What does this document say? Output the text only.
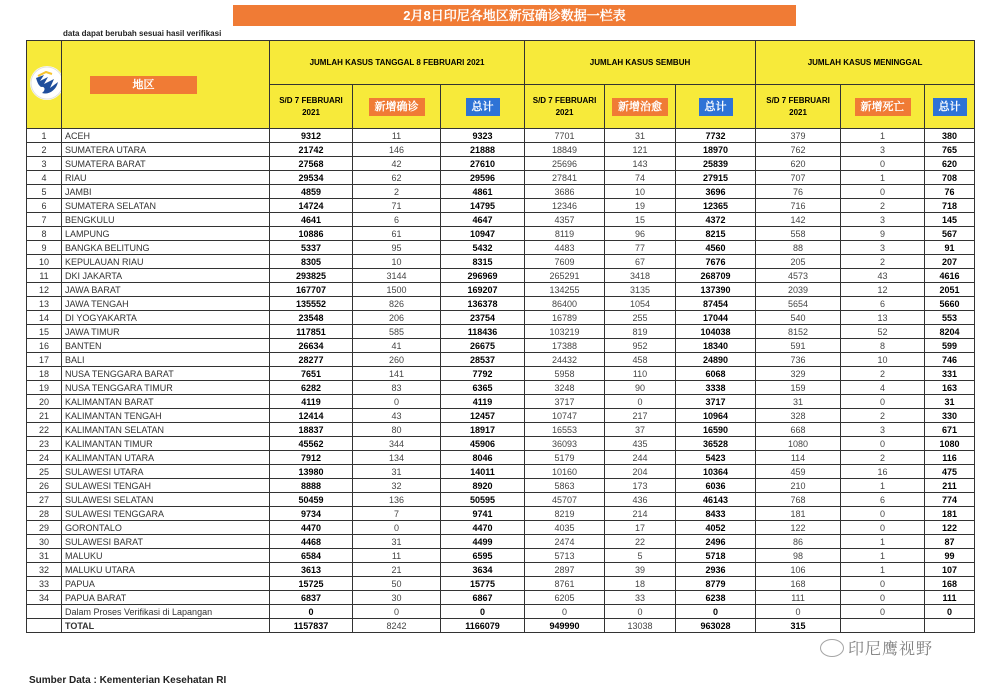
2月8日印尼各地区新冠确诊数据一栏表
data dapat berubah sesuai hasil verifikasi
	地区	JUMLAH KASUS TANGGAL 8 FEBRUARI 2021			JUMLAH KASUS SEMBUH			JUMLAH KASUS MENINGGAL		
		S/D 7 FEBRUARI 2021	新增确诊	总计	S/D 7 FEBRUARI 2021	新增治愈	总计	S/D 7 FEBRUARI 2021	新增死亡	总计
1	ACEH	9312	11	9323	7701	31	7732	379	1	380
2	SUMATERA UTARA	21742	146	21888	18849	121	18970	762	3	765
3	SUMATERA BARAT	27568	42	27610	25696	143	25839	620	0	620
4	RIAU	29534	62	29596	27841	74	27915	707	1	708
5	JAMBI	4859	2	4861	3686	10	3696	76	0	76
6	SUMATERA SELATAN	14724	71	14795	12346	19	12365	716	2	718
7	BENGKULU	4641	6	4647	4357	15	4372	142	3	145
8	LAMPUNG	10886	61	10947	8119	96	8215	558	9	567
9	BANGKA BELITUNG	5337	95	5432	4483	77	4560	88	3	91
10	KEPULAUAN RIAU	8305	10	8315	7609	67	7676	205	2	207
11	DKI JAKARTA	293825	3144	296969	265291	3418	268709	4573	43	4616
12	JAWA BARAT	167707	1500	169207	134255	3135	137390	2039	12	2051
13	JAWA TENGAH	135552	826	136378	86400	1054	87454	5654	6	5660
14	DI YOGYAKARTA	23548	206	23754	16789	255	17044	540	13	553
15	JAWA TIMUR	117851	585	118436	103219	819	104038	8152	52	8204
16	BANTEN	26634	41	26675	17388	952	18340	591	8	599
17	BALI	28277	260	28537	24432	458	24890	736	10	746
18	NUSA TENGGARA BARAT	7651	141	7792	5958	110	6068	329	2	331
19	NUSA TENGGARA TIMUR	6282	83	6365	3248	90	3338	159	4	163
20	KALIMANTAN BARAT	4119	0	4119	3717	0	3717	31	0	31
21	KALIMANTAN TENGAH	12414	43	12457	10747	217	10964	328	2	330
22	KALIMANTAN SELATAN	18837	80	18917	16553	37	16590	668	3	671
23	KALIMANTAN TIMUR	45562	344	45906	36093	435	36528	1080	0	1080
24	KALIMANTAN UTARA	7912	134	8046	5179	244	5423	114	2	116
25	SULAWESI UTARA	13980	31	14011	10160	204	10364	459	16	475
26	SULAWESI TENGAH	8888	32	8920	5863	173	6036	210	1	211
27	SULAWESI SELATAN	50459	136	50595	45707	436	46143	768	6	774
28	SULAWESI TENGGARA	9734	7	9741	8219	214	8433	181	0	181
29	GORONTALO	4470	0	4470	4035	17	4052	122	0	122
30	SULAWESI BARAT	4468	31	4499	2474	22	2496	86	1	87
31	MALUKU	6584	11	6595	5713	5	5718	98	1	99
32	MALUKU UTARA	3613	21	3634	2897	39	2936	106	1	107
33	PAPUA	15725	50	15775	8761	18	8779	168	0	168
34	PAPUA BARAT	6837	30	6867	6205	33	6238	111	0	111
	Dalam Proses Verifikasi di Lapangan	0	0	0	0	0	0	0	0	0
	TOTAL	1157837	8242	1166079	949990	13038	963028	315		
Sumber Data : Kementerian Kesehatan RI
印尼鹰视野
